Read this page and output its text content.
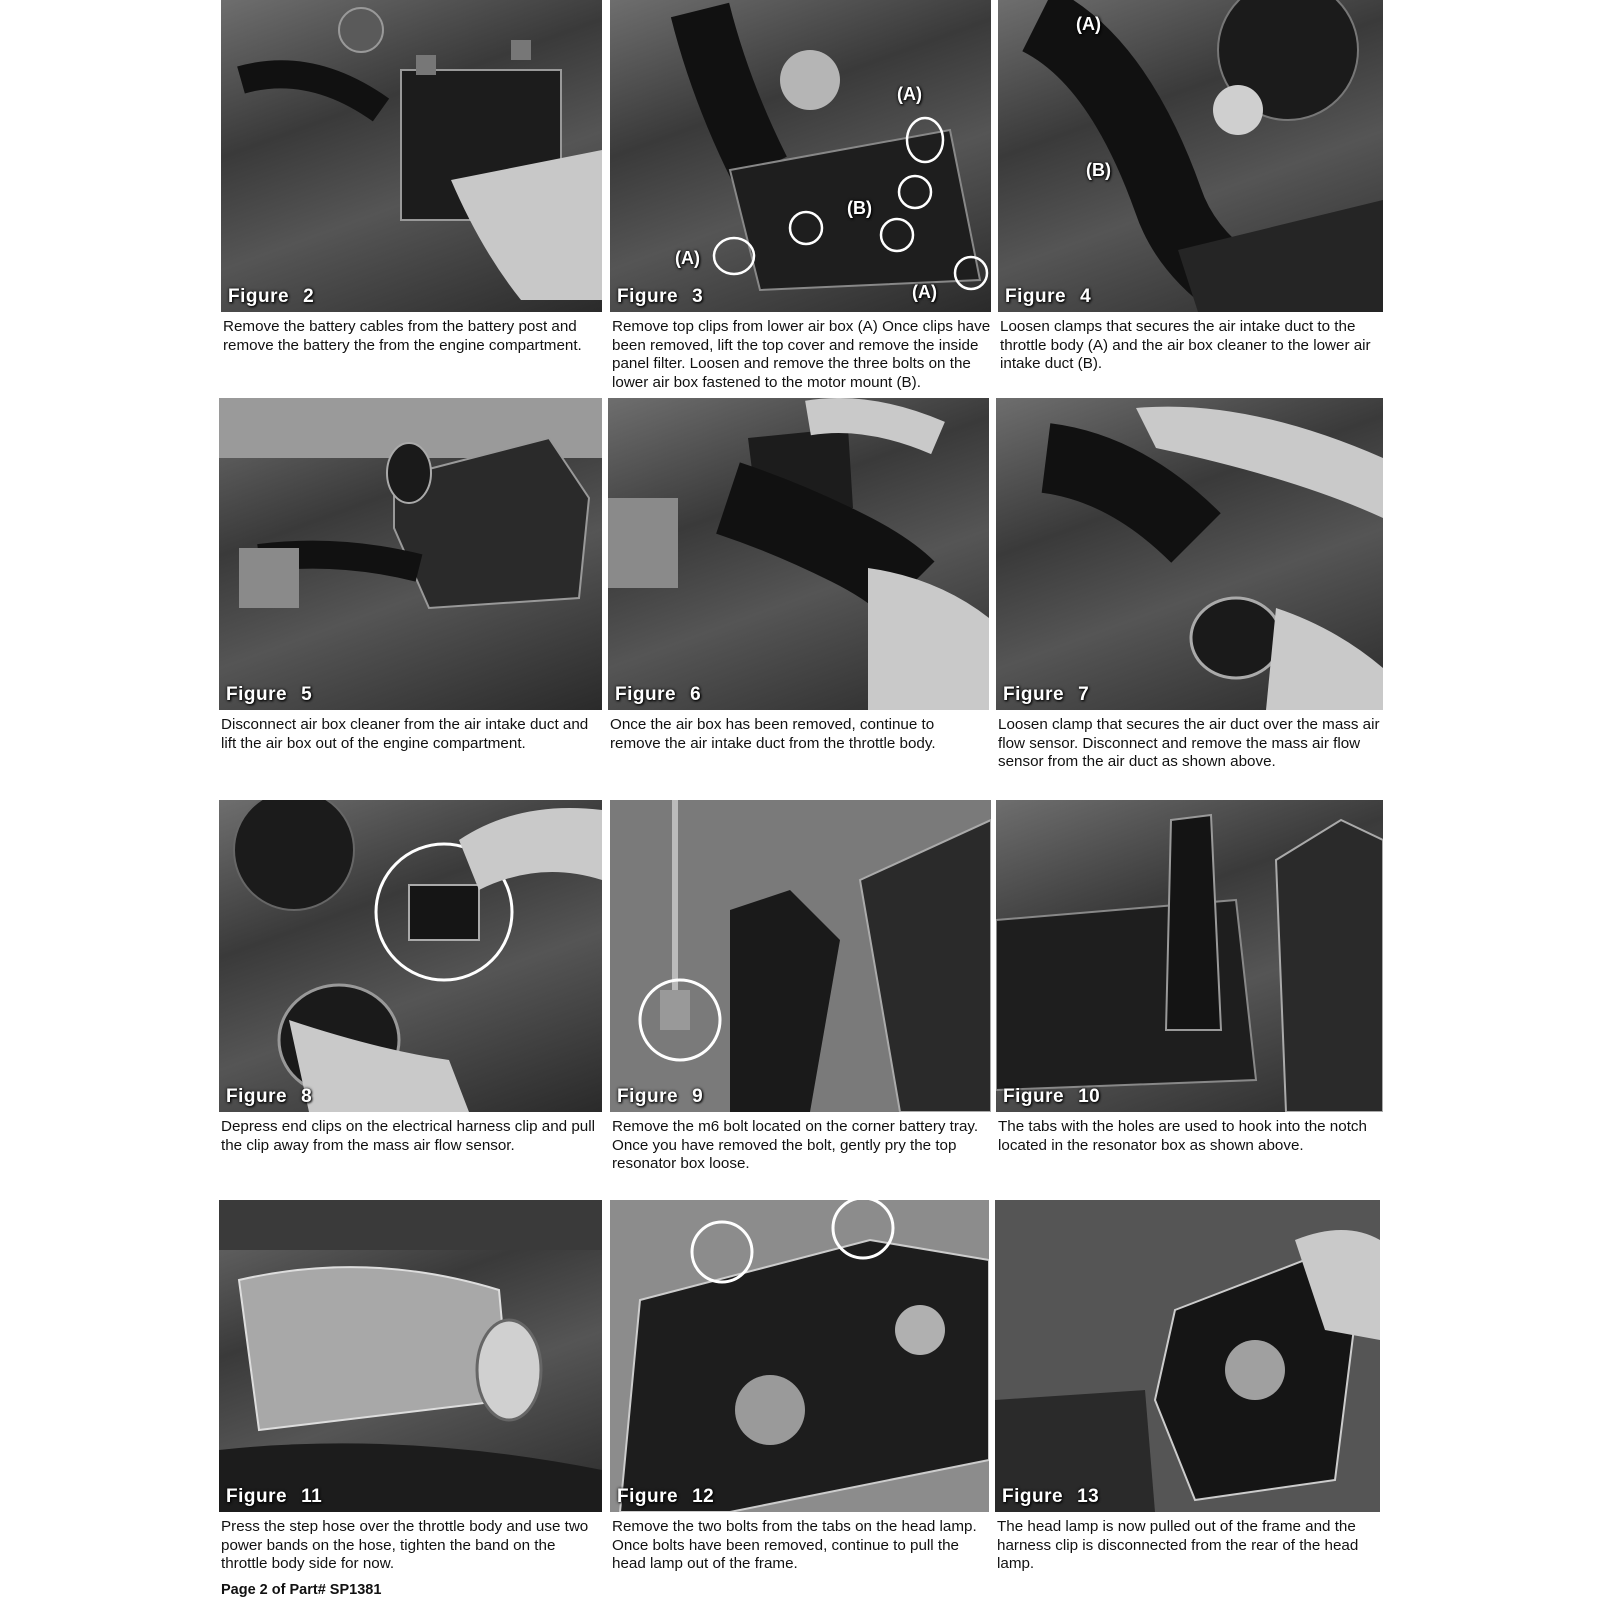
Figure 2
Remove the battery cables from the battery post and remove the battery the from the engine compartment.
(A)
(B)
(A)
(A)
Figure 3
Remove top clips from lower air box (A) Once clips have been removed, lift the top cover and remove the inside panel filter. Loosen and remove the three bolts on the lower air box fastened to the motor mount (B).
(A)
(B)
Figure 4
Loosen clamps that secures the air intake duct to the throttle body (A) and the air box cleaner to the lower air intake duct (B).
Figure 5
Disconnect air box cleaner from the air intake duct and lift the air box out of the engine compartment.
Figure 6
Once the air box has been removed, continue to remove the air intake duct from the throttle body.
Figure 7
Loosen clamp that secures the air duct over the mass air flow sensor. Disconnect and remove the mass air flow sensor from the air duct as shown above.
Figure 8
Depress end clips on the electrical harness clip and pull the clip away from the mass air flow sensor.
Figure 9
Remove the m6 bolt located on the corner battery tray. Once you have removed the bolt, gently pry the top resonator box loose.
Figure 10
The tabs with the holes are used to hook into the notch located in the resonator box as shown above.
Figure 11
Press the step hose over the throttle body and use two power bands on the hose, tighten the band on the throttle body side for now.
Figure 12
Remove the two bolts from the tabs on the head lamp. Once bolts have been removed, continue to pull the head lamp out of the frame.
Figure 13
The head lamp is now pulled out of the frame and the harness clip is disconnected from the rear of the head lamp.
Page 2 of Part# SP1381
